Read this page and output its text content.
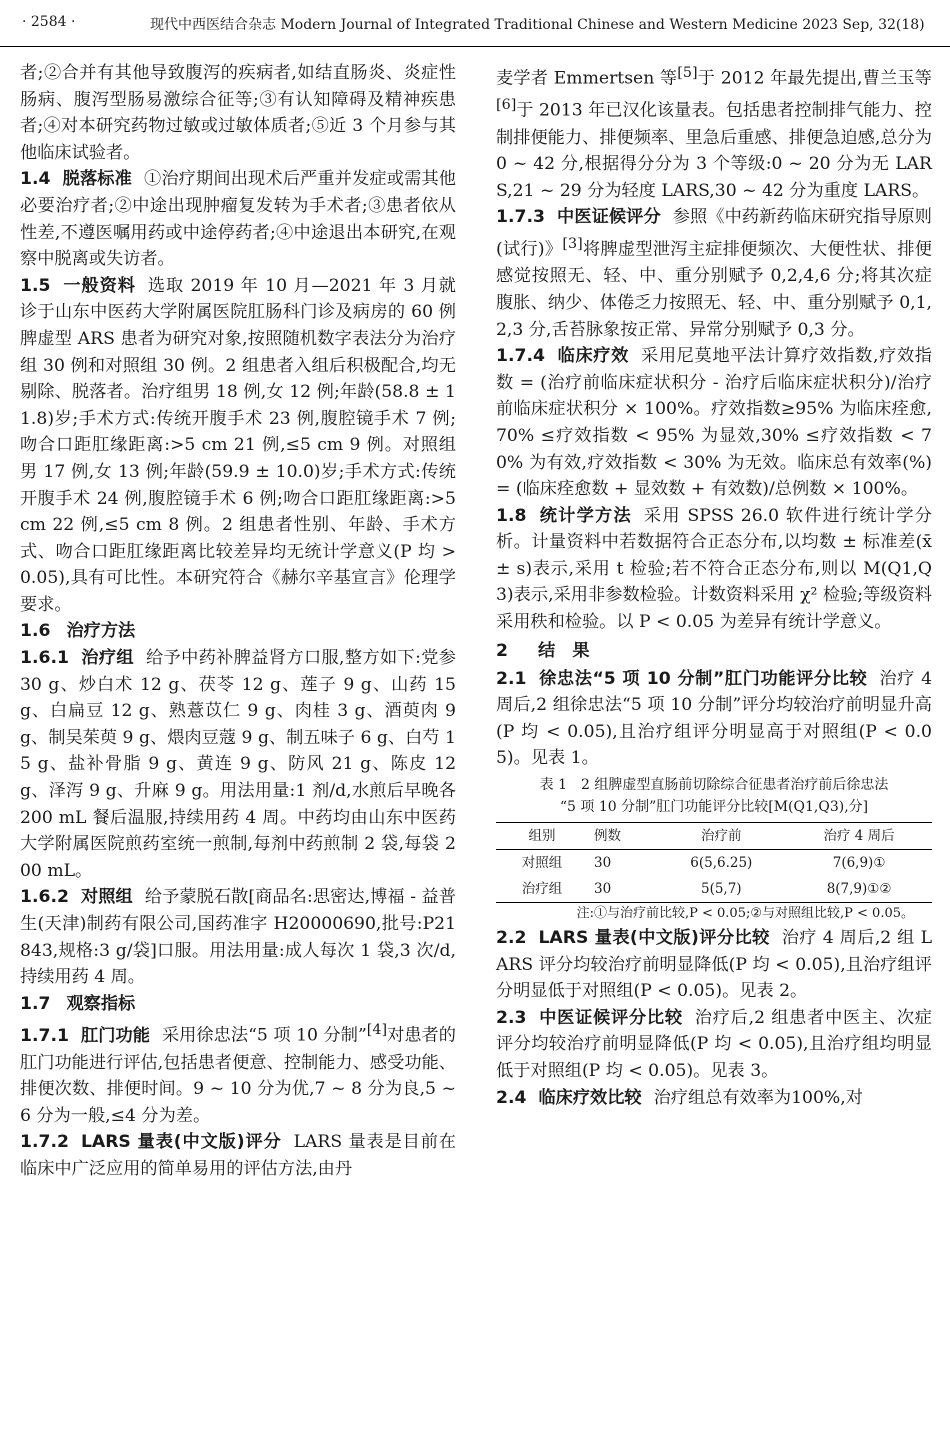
· 2584 ·	现代中西医结合杂志 Modern Journal of Integrated Traditional Chinese and Western Medicine 2023 Sep, 32(18)

者;②合并有其他导致腹泻的疾病者,如结直肠炎、炎症性肠病、腹泻型肠易激综合征等;③有认知障碍及精神疾患者;④对本研究药物过敏或过敏体质者;⑤近 3 个月参与其他临床试验者。

1.4 脱落标准 ①治疗期间出现术后严重并发症或需其他必要治疗者;②中途出现肿瘤复发转为手术者;③患者依从性差,不遵医嘱用药或中途停药者;④中途退出本研究,在观察中脱离或失访者。

1.5 一般资料 选取 2019 年 10 月—2021 年 3 月就诊于山东中医药大学附属医院肛肠科门诊及病房的 60 例脾虚型 ARS 患者为研究对象,按照随机数字表法分为治疗组 30 例和对照组 30 例。2 组患者入组后积极配合,均无剔除、脱落者。治疗组男 18 例,女 12 例;年龄(58.8 ± 11.8)岁;手术方式:传统开腹手术 23 例,腹腔镜手术 7 例;吻合口距肛缘距离:>5 cm 21 例,≤5 cm 9 例。对照组男 17 例,女 13 例;年龄(59.9 ± 10.0)岁;手术方式:传统开腹手术 24 例,腹腔镜手术 6 例;吻合口距肛缘距离:>5 cm 22 例,≤5 cm 8 例。2 组患者性别、年龄、手术方式、吻合口距肛缘距离比较差异均无统计学意义(P 均 > 0.05),具有可比性。本研究符合《赫尔辛基宣言》伦理学要求。

1.6 治疗方法

1.6.1 治疗组 给予中药补脾益肾方口服,整方如下:党参 30 g、炒白术 12 g、茯苓 12 g、莲子 9 g、山药 15 g、白扁豆 12 g、熟薏苡仁 9 g、肉桂 3 g、酒萸肉 9 g、制吴茱萸 9 g、煨肉豆蔻 9 g、制五味子 6 g、白芍 15 g、盐补骨脂 9 g、黄连 9 g、防风 21 g、陈皮 12 g、泽泻 9 g、升麻 9 g。用法用量:1 剂/d,水煎后早晚各 200 mL 餐后温服,持续用药 4 周。中药均由山东中医药大学附属医院煎药室统一煎制,每剂中药煎制 2 袋,每袋 200 mL。

1.6.2 对照组 给予蒙脱石散[商品名:思密达,博福 - 益普生(天津)制药有限公司,国药准字 H20000690,批号:P21843,规格:3 g/袋]口服。用法用量:成人每次 1 袋,3 次/d,持续用药 4 周。

1.7 观察指标

1.7.1 肛门功能 采用徐忠法“5 项 10 分制”[4]对患者的肛门功能进行评估,包括患者便意、控制能力、感受功能、排便次数、排便时间。9 ~ 10 分为优,7 ~ 8 分为良,5 ~ 6 分为一般,≤4 分为差。

1.7.2 LARS 量表(中文版)评分 LARS 量表是目前在临床中广泛应用的简单易用的评估方法,由丹

麦学者 Emmertsen 等[5]于 2012 年最先提出,曹兰玉等[6]于 2013 年已汉化该量表。包括患者控制排气能力、控制排便能力、排便频率、里急后重感、排便急迫感,总分为 0 ~ 42 分,根据得分分为 3 个等级:0 ~ 20 分为无 LARS,21 ~ 29 分为轻度 LARS,30 ~ 42 分为重度 LARS。

1.7.3 中医证候评分 参照《中药新药临床研究指导原则(试行)》[3]将脾虚型泄泻主症排便频次、大便性状、排便感觉按照无、轻、中、重分别赋予 0,2,4,6 分;将其次症腹胀、纳少、体倦乏力按照无、轻、中、重分别赋予 0,1,2,3 分,舌苔脉象按正常、异常分别赋予 0,3 分。

1.7.4 临床疗效 采用尼莫地平法计算疗效指数,疗效指数 = (治疗前临床症状积分 - 治疗后临床症状积分)/治疗前临床症状积分 × 100%。疗效指数≥95% 为临床痊愈,70% ≤疗效指数 < 95% 为显效,30% ≤疗效指数 < 70% 为有效,疗效指数 < 30% 为无效。临床总有效率(%) = (临床痊愈数 + 显效数 + 有效数)/总例数 × 100%。

1.8 统计学方法 采用 SPSS 26.0 软件进行统计学分析。计量资料中若数据符合正态分布,以均数 ± 标准差(x̄ ± s)表示,采用 t 检验;若不符合正态分布,则以 M(Q1,Q3)表示,采用非参数检验。计数资料采用 χ² 检验;等级资料采用秩和检验。以 P < 0.05 为差异有统计学意义。

2 结　果

2.1 徐忠法“5 项 10 分制”肛门功能评分比较 治疗 4 周后,2 组徐忠法“5 项 10 分制”评分均较治疗前明显升高(P 均 < 0.05),且治疗组评分明显高于对照组(P < 0.05)。见表 1。

表 1　2 组脾虚型直肠前切除综合征患者治疗前后徐忠法
“5 项 10 分制”肛门功能评分比较[M(Q1,Q3),分]
组别	例数	治疗前	治疗 4 周后
对照组	30	6(5,6.25)	7(6,9)①
治疗组	30	5(5,7)	8(7,9)①②
注:①与治疗前比较,P < 0.05;②与对照组比较,P < 0.05。

2.2 LARS 量表(中文版)评分比较 治疗 4 周后,2 组 LARS 评分均较治疗前明显降低(P 均 < 0.05),且治疗组评分明显低于对照组(P < 0.05)。见表 2。

2.3 中医证候评分比较 治疗后,2 组患者中医主、次症评分均较治疗前明显降低(P 均 < 0.05),且治疗组均明显低于对照组(P 均 < 0.05)。见表 3。

2.4 临床疗效比较 治疗组总有效率为100%,对
